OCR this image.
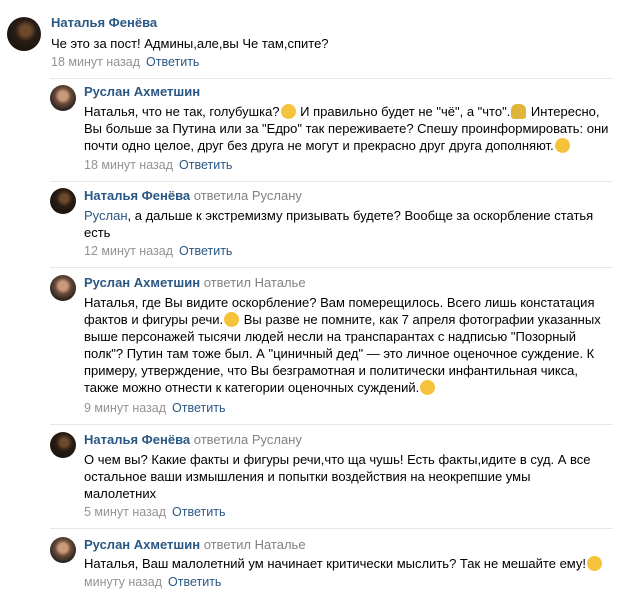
Наталья Фенёва
Че это за пост! Админы,але,вы Че там,спите?
18 минут назад Ответить
Руслан Ахметшин
Наталья, что не так, голубушка? И правильно будет не "чё", а "что". Интересно,
Вы больше за Путина или за "Едро" так переживаете? Спешу проинформировать: они
почти одно целое, друг без друга не могут и прекрасно друг друга дополняют.
18 минут назад Ответить
Наталья Фенёва ответила Руслану
Руслан, а дальше к экстремизму призывать будете? Вообще за оскорбление статья
есть
12 минут назад Ответить
Руслан Ахметшин ответил Наталье
Наталья, где Вы видите оскорбление? Вам померещилось. Всего лишь констатация
фактов и фигуры речи. Вы разве не помните, как 7 апреля фотографии указанных
выше персонажей тысячи людей несли на транспарантах с надписью "Позорный
полк"? Путин там тоже был. А "циничный дед" — это личное оценочное суждение. К
примеру, утверждение, что Вы безграмотная и политически инфантильная чикса,
также можно отнести к категории оценочных суждений.
9 минут назад Ответить
Наталья Фенёва ответила Руслану
О чем вы? Какие факты и фигуры речи,что ща чушь! Есть факты,идите в суд. А все
остальное ваши измышления и попытки воздействия на неокрепшие умы
малолетних
5 минут назад Ответить
Руслан Ахметшин ответил Наталье
Наталья, Ваш малолетний ум начинает критически мыслить? Так не мешайте ему!
минуту назад Ответить
